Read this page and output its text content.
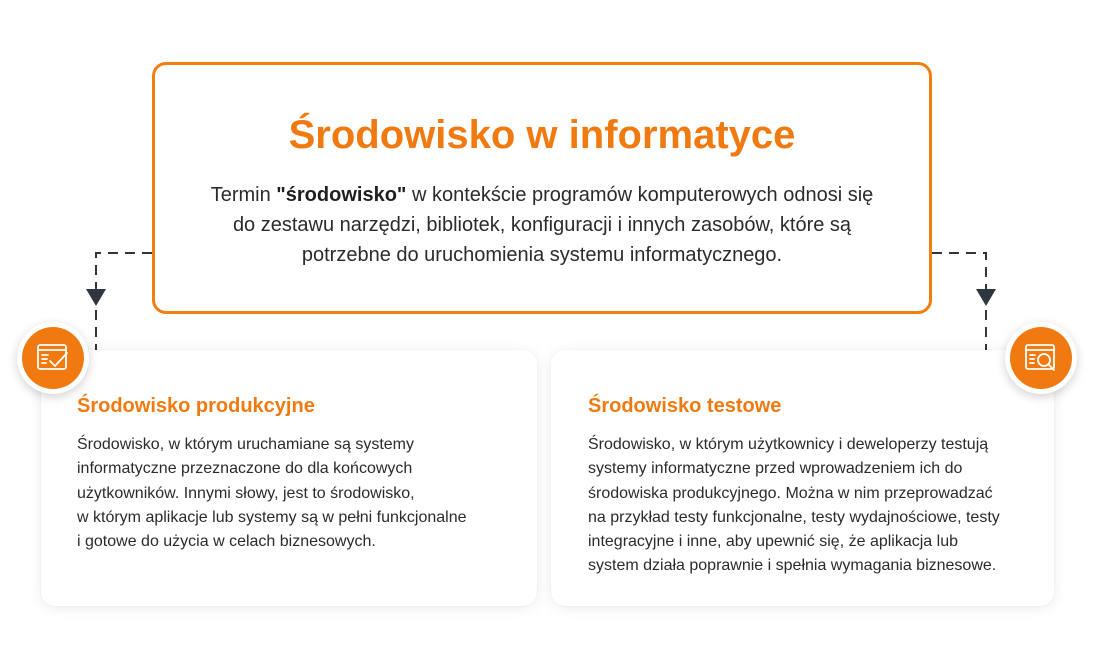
Środowisko w informatyce
Termin "środowisko" w kontekście programów komputerowych odnosi się
do zestawu narzędzi, bibliotek, konfiguracji i innych zasobów, które są
potrzebne do uruchomienia systemu informatycznego.
Środowisko produkcyjne

Środowisko, w którym uruchamiane są systemy
informatyczne przeznaczone do dla końcowych
użytkowników. Innymi słowy, jest to środowisko,
w którym aplikacje lub systemy są w pełni funkcjonalne
i gotowe do użycia w celach biznesowych.

Środowisko testowe

Środowisko, w którym użytkownicy i deweloperzy testują
systemy informatyczne przed wprowadzeniem ich do
środowiska produkcyjnego. Można w nim przeprowadzać
na przykład testy funkcjonalne, testy wydajnościowe, testy
integracyjne i inne, aby upewnić się, że aplikacja lub
system działa poprawnie i spełnia wymagania biznesowe.
